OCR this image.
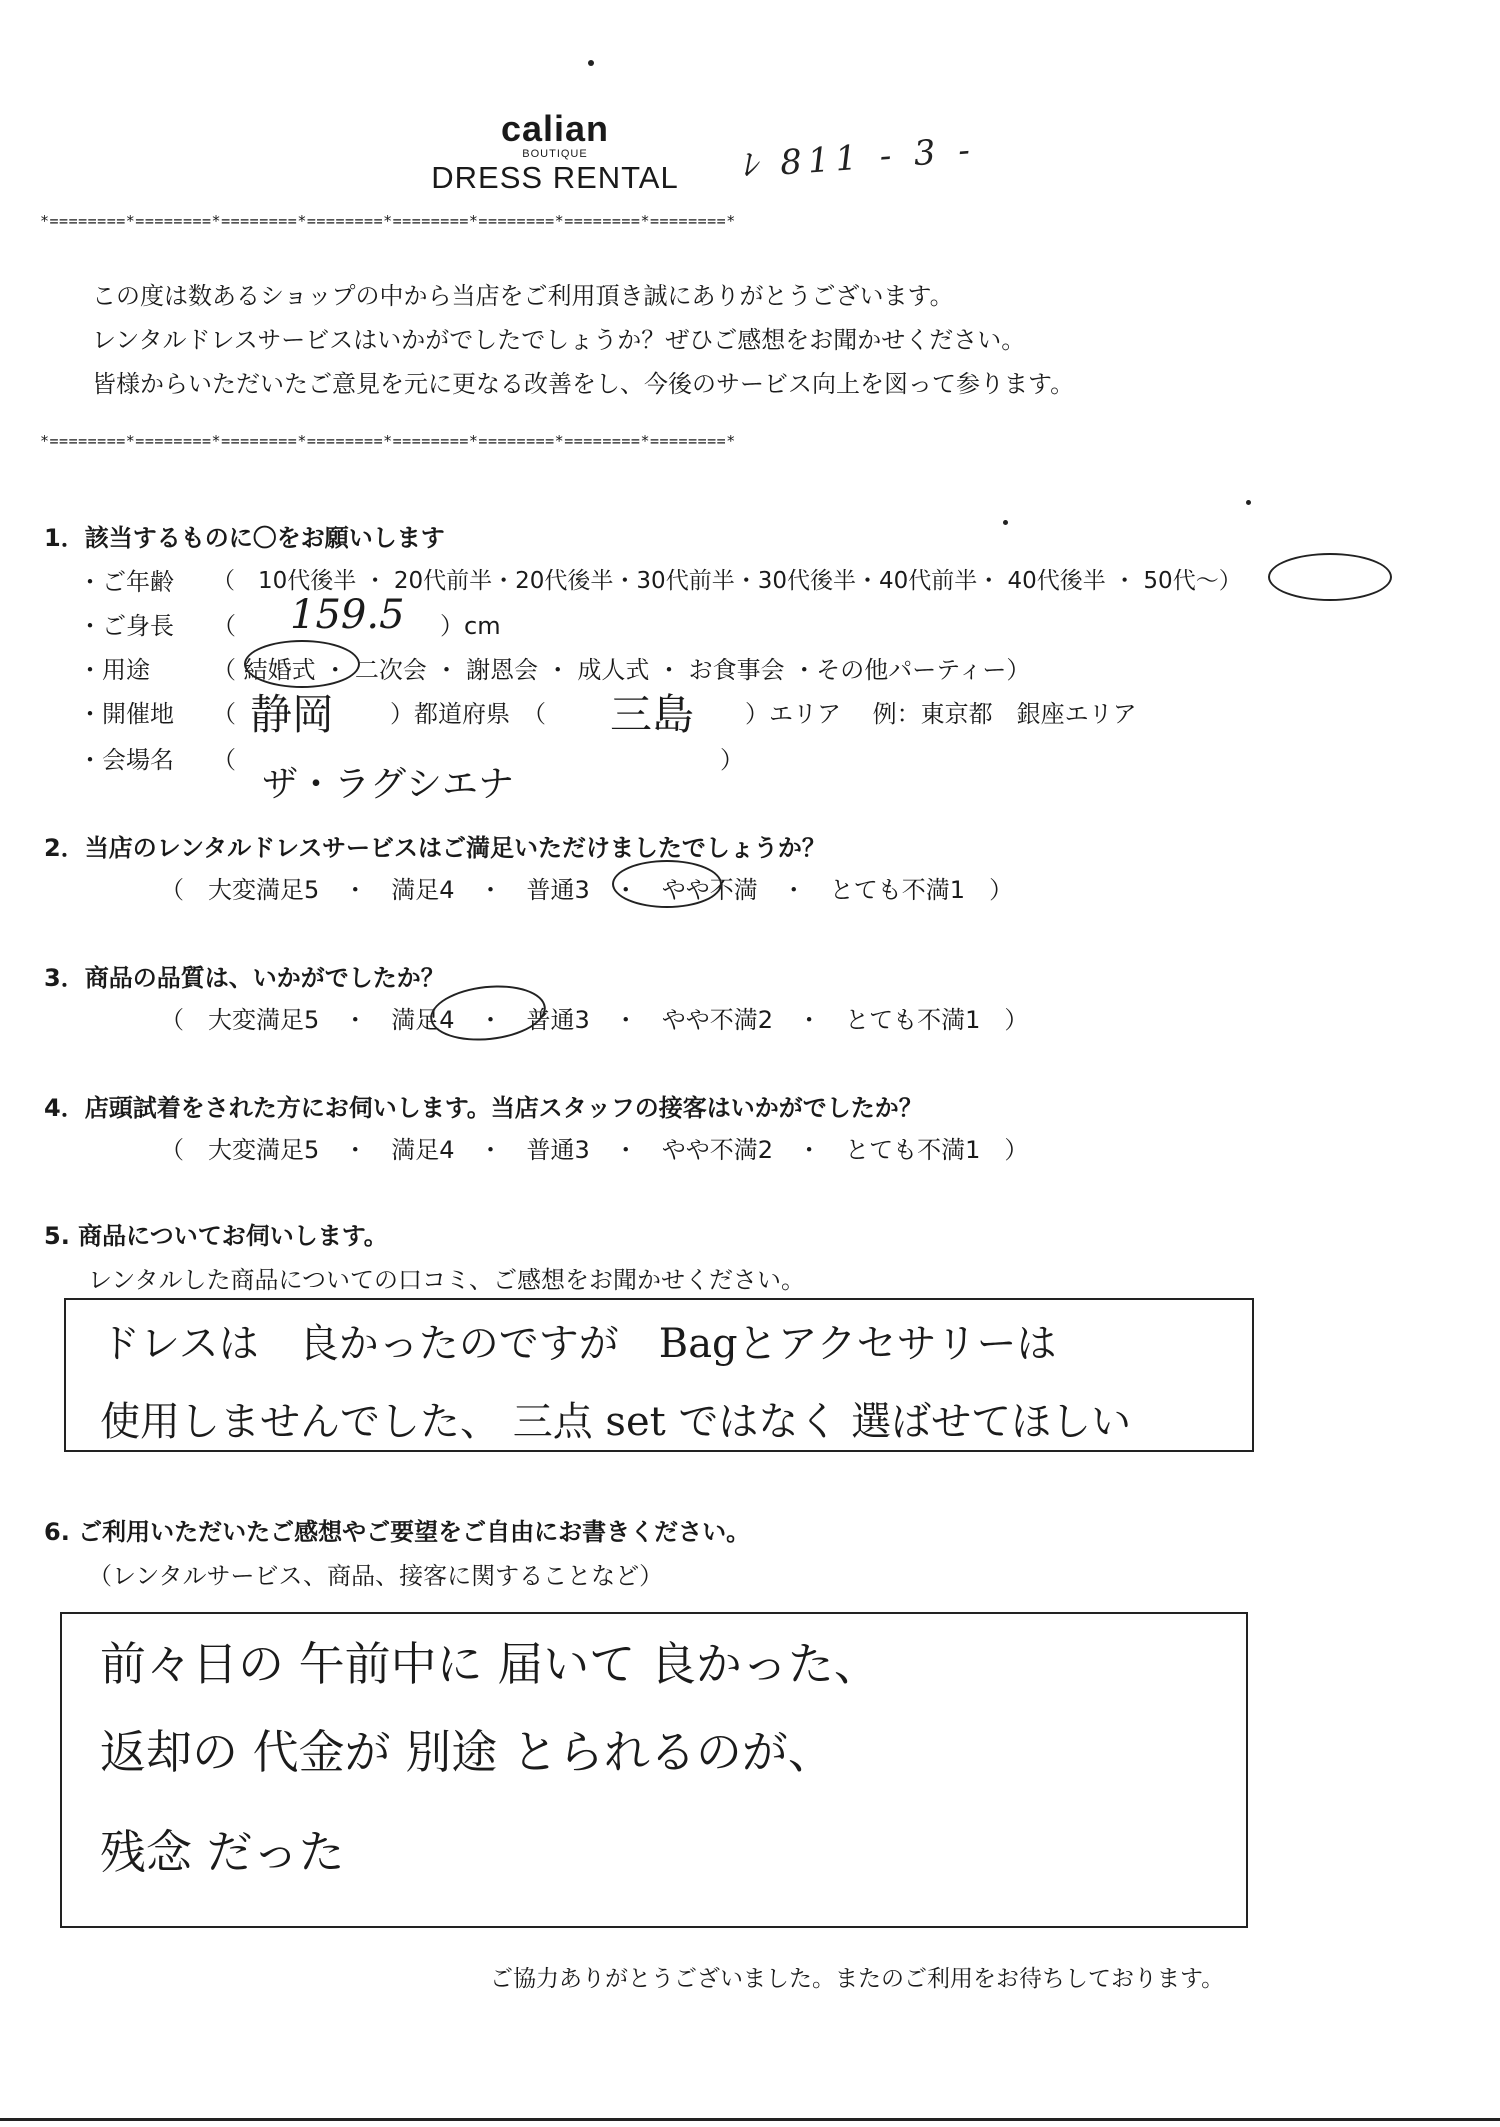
calian
BOUTIQUE
DRESS RENTAL	ﾚ 811 - 3 -
*========*========*========*========*========*========*========*========*
この度は数あるショップの中から当店をご利用頂き誠にありがとうございます。
レンタルドレスサービスはいかがでしたでしょうか？ぜひご感想をお聞かせください。
皆様からいただいたご意見を元に更なる改善をし、今後のサービス向上を図って参ります。
*========*========*========*========*========*========*========*========*
1．該当するものに〇をお願いします
・ご年齢 （　10代後半 ・ 20代前半・20代後半・30代前半・30代後半・40代前半・ 40代後半 ・ 50代～）
・ご身長 （ 159.5 ）cm
・用途	（ 結婚式 ・ 二次会 ・ 謝恩会 ・ 成人式 ・ お食事会 ・その他パーティー）
・開催地 （ 静岡 ）都道府県　（ 三島 ）エリア　 例：東京都　銀座エリア
・会場名 （
ザ・ラグシエナ
）
2．当店のレンタルドレスサービスはご満足いただけましたでしょうか？
（　大変満足5　・　満足4　・　普通3　・　やや不満　・　とても不満1　）
3．商品の品質は、いかがでしたか？
（　大変満足5　・　満足4　・　普通3　・　やや不満2　・　とても不満1　）
4．店頭試着をされた方にお伺いします。当店スタッフの接客はいかがでしたか？
（　大変満足5　・　満足4　・　普通3　・　やや不満2　・　とても不満1　）
5. 商品についてお伺いします。
レンタルした商品についての口コミ、ご感想をお聞かせください。
ドレスは　良かったのですが　Bagとアクセサリーは
使用しませんでした、 三点 set ではなく 選ばせてほしい
6. ご利用いただいたご感想やご要望をご自由にお書きください。
（レンタルサービス、商品、接客に関することなど）
前々日の 午前中に 届いて 良かった、
返却の 代金が 別途 とられるのが、
残念 だった
ご協力ありがとうございました。またのご利用をお待ちしております。
